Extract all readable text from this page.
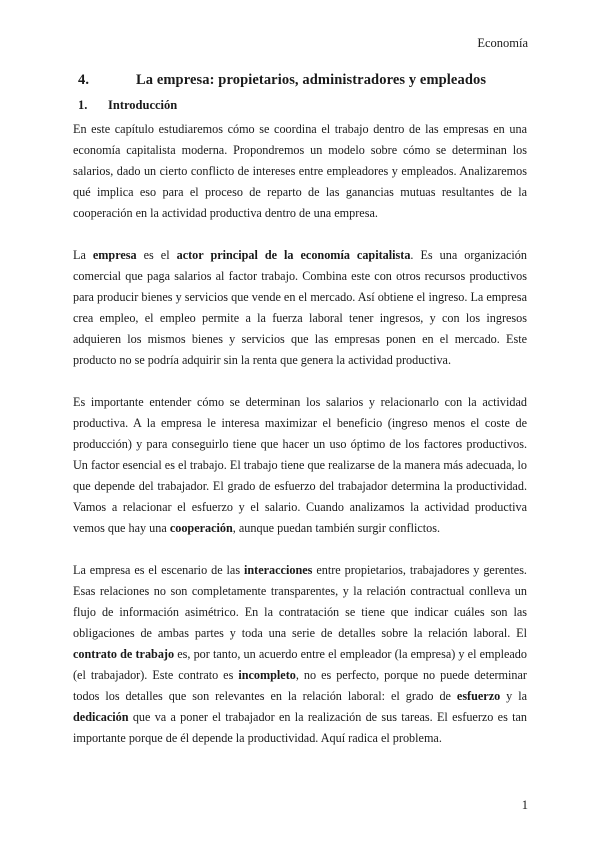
Economía
4.	La empresa: propietarios, administradores y empleados
1. Introducción

En este capítulo estudiaremos cómo se coordina el trabajo dentro de las empresas en una economía capitalista moderna. Propondremos un modelo sobre cómo se determinan los salarios, dado un cierto conflicto de intereses entre empleadores y empleados. Analizaremos qué implica eso para el proceso de reparto de las ganancias mutuas resultantes de la cooperación en la actividad productiva dentro de una empresa.

La empresa es el actor principal de la economía capitalista. Es una organización comercial que paga salarios al factor trabajo. Combina este con otros recursos productivos para producir bienes y servicios que vende en el mercado. Así obtiene el ingreso. La empresa crea empleo, el empleo permite a la fuerza laboral tener ingresos, y con los ingresos adquieren los mismos bienes y servicios que las empresas ponen en el mercado. Este producto no se podría adquirir sin la renta que genera la actividad productiva.

Es importante entender cómo se determinan los salarios y relacionarlo con la actividad productiva. A la empresa le interesa maximizar el beneficio (ingreso menos el coste de producción) y para conseguirlo tiene que hacer un uso óptimo de los factores productivos. Un factor esencial es el trabajo. El trabajo tiene que realizarse de la manera más adecuada, lo que depende del trabajador. El grado de esfuerzo del trabajador determina la productividad. Vamos a relacionar el esfuerzo y el salario. Cuando analizamos la actividad productiva vemos que hay una cooperación, aunque puedan también surgir conflictos.

La empresa es el escenario de las interacciones entre propietarios, trabajadores y gerentes. Esas relaciones no son completamente transparentes, y la relación contractual conlleva un flujo de información asimétrico. En la contratación se tiene que indicar cuáles son las obligaciones de ambas partes y toda una serie de detalles sobre la relación laboral. El contrato de trabajo es, por tanto, un acuerdo entre el empleador (la empresa) y el empleado (el trabajador). Este contrato es incompleto, no es perfecto, porque no puede determinar todos los detalles que son relevantes en la relación laboral: el grado de esfuerzo y la dedicación que va a poner el trabajador en la realización de sus tareas. El esfuerzo es tan importante porque de él depende la productividad. Aquí radica el problema.

1
